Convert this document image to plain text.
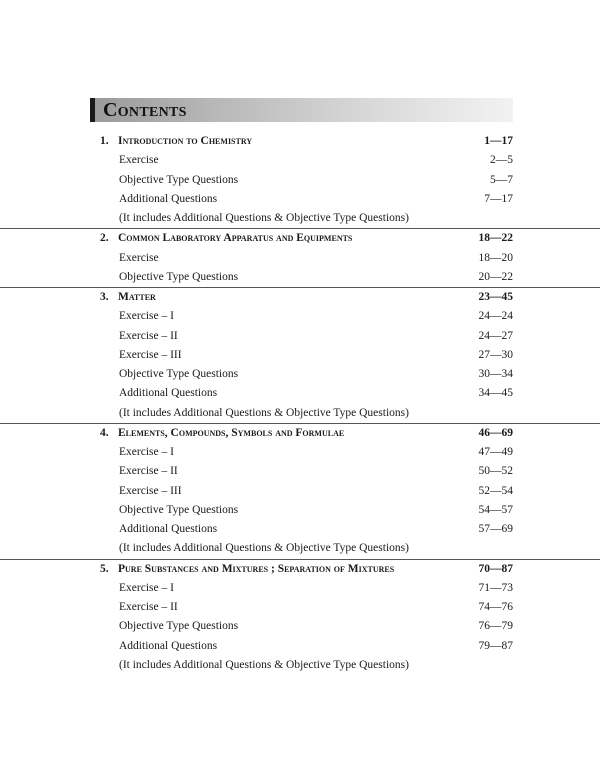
Contents
1. Introduction to Chemistry	1—17
Exercise	2—5
Objective Type Questions	5—7
Additional Questions	7—17
(It includes Additional Questions & Objective Type Questions)
2. Common Laboratory Apparatus and Equipments	18—22
Exercise	18—20
Objective Type Questions	20—22
3. Matter	23—45
Exercise – I	24—24
Exercise – II	24—27
Exercise – III	27—30
Objective Type Questions	30—34
Additional Questions	34—45
(It includes Additional Questions & Objective Type Questions)
4. Elements, Compounds, Symbols and Formulae	46—69
Exercise – I	47—49
Exercise – II	50—52
Exercise – III	52—54
Objective Type Questions	54—57
Additional Questions	57—69
(It includes Additional Questions & Objective Type Questions)
5. Pure Substances and Mixtures ; Separation of Mixtures	70—87
Exercise – I	71—73
Exercise – II	74—76
Objective Type Questions	76—79
Additional Questions	79—87
(It includes Additional Questions & Objective Type Questions)
